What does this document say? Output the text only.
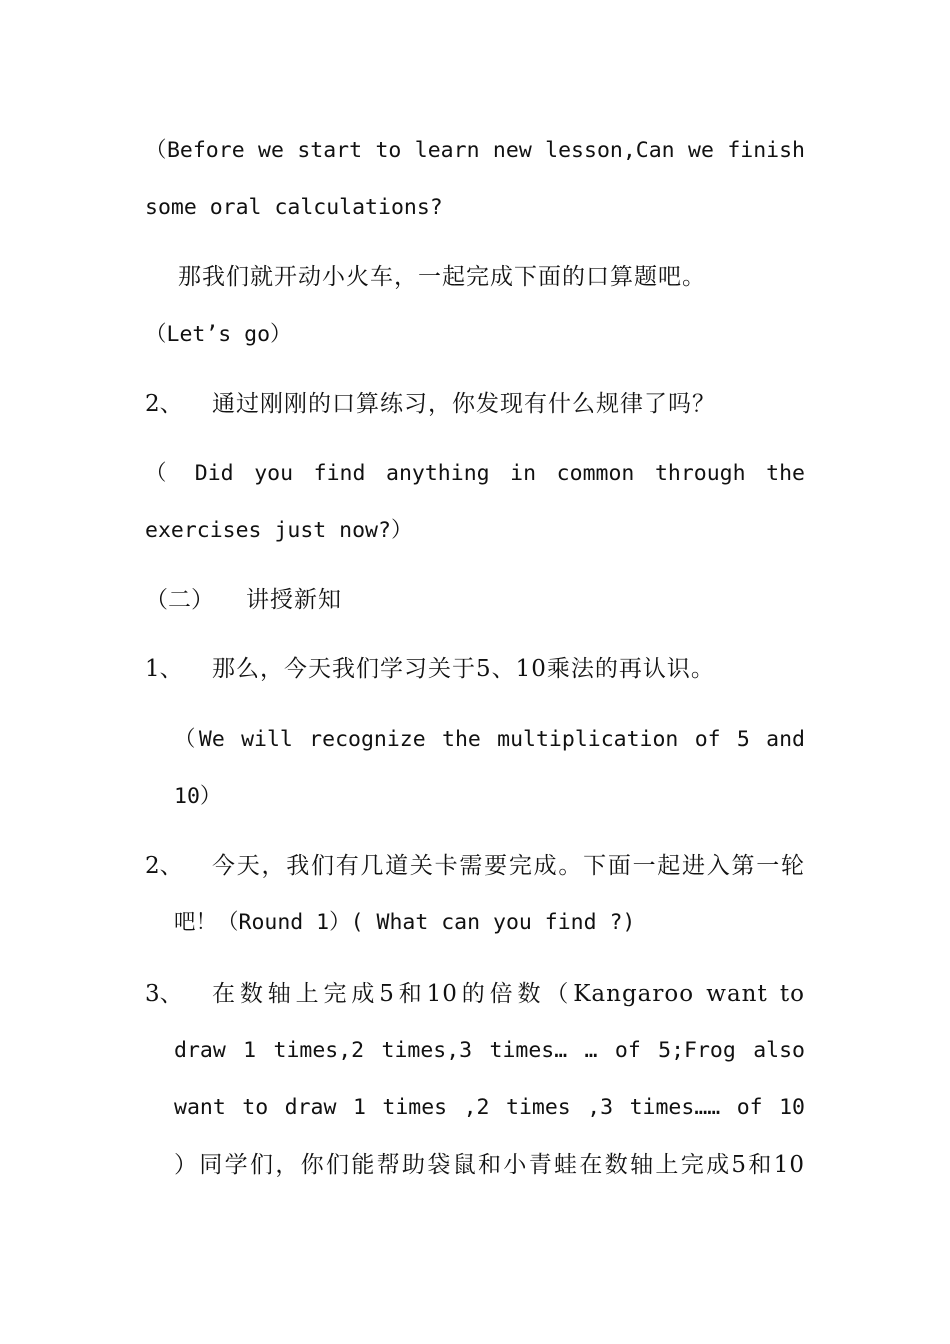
（Before we start to learn new lesson,Can we finish
some oral calculations?
那我们就开动小火车，一起完成下面的口算题吧。
（Let’s go）
2、 通过刚刚的口算练习，你发现有什么规律了吗？
（ Did you find anything in common through the
exercises just now?）
（二） 讲授新知
1、 那么，今天我们学习关于5、10乘法的再认识。
（We will recognize the multiplication of 5 and
10）
2、 今天，我们有几道关卡需要完成。下面一起进入第一轮
吧！（Round 1）( What can you find ?)
3、 在数轴上完成5和10的倍数（Kangaroo want to
draw 1 times,2 times,3 times… … of 5;Frog also
want to draw 1 times ,2 times ,3 times…… of 10
）同学们，你们能帮助袋鼠和小青蛙在数轴上完成5和10
